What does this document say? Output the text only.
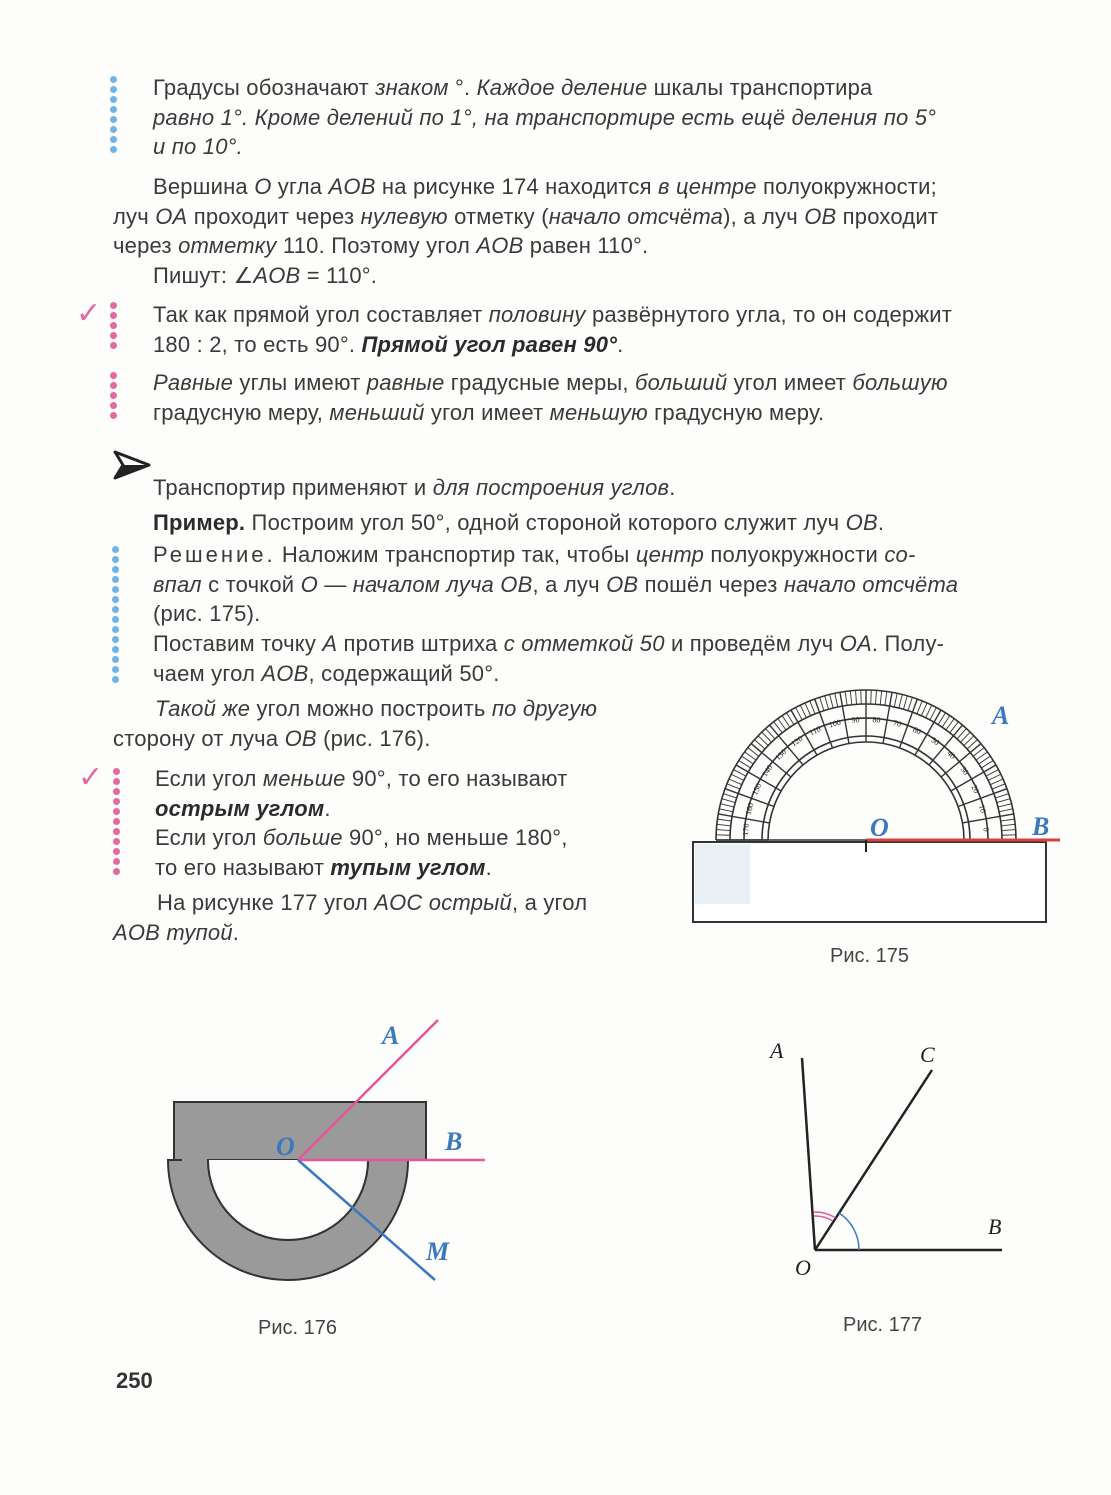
Градусы обозначают знаком °. Каждое деление шкалы транспортира
равно 1°. Кроме делений по 1°, на транспортире есть ещё деления по 5°
и по 10°.

Вершина O угла AOB на рисунке 174 находится в центре полуокружности;
луч OA проходит через нулевую отметку (начало отсчёта), а луч OB проходит
через отметку 110. Поэтому угол AOB равен 110°.

Пишут: ∠AOB = 110°.

✓ Так как прямой угол составляет половину развёрнутого угла, то он содержит
180 : 2, то есть 90°. Прямой угол равен 90°.

Равные углы имеют равные градусные меры, больший угол имеет большую
градусную меру, меньший угол имеет меньшую градусную меру.

Транспортир применяют и для построения углов.

Пример. Построим угол 50°, одной стороной которого служит луч OB.

Решение. Наложим транспортир так, чтобы центр полуокружности со-
впал с точкой O — началом луча OB, а луч OB пошёл через начало отсчёта
(рис. 175).

Поставим точку A против штриха с отметкой 50 и проведём луч OA. Полу-
чаем угол AOB, содержащий 50°.

Такой же угол можно построить по другую
сторону от луча OB (рис. 176).

✓ Если угол меньше 90°, то его называют
острым углом.

Если угол больше 90°, но меньше 180°,
то его называют тупым углом.

На рисунке 177 угол AOC острый, а угол
AOB тупой.

170
160
150
140
130
120
110
100 90 80 70
60
50
40
30
20
10
0
A
O	B
Рис. 175
A
O	B
M
Рис. 176
A	C
B
O
Рис. 177
250
